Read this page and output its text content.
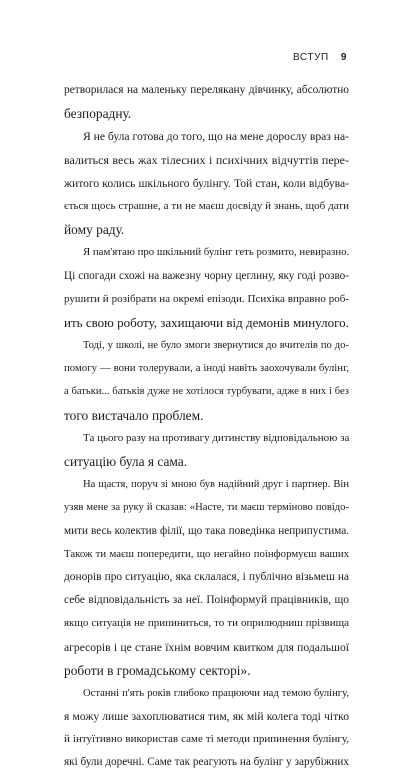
ВСТУП 9
ретворилася на маленьку перелякану дівчинку, абсолютно
безпорадну.
Я не була готова до того, що на мене дорослу враз на-
валиться весь жах тілесних і психічних відчуттів пере-
житого колись шкільного булінгу. Той стан, коли відбува-
ється щось страшне, а ти не маєш досвіду й знань, щоб дати
йому раду.
Я пам'ятаю про шкільний булінг геть розмито, невиразно.
Ці спогади схожі на важезну чорну цеглину, яку годі розво-
рушити й розібрати на окремі епізоди. Психіка вправно роб-
ить свою роботу, захищаючи від демонів минулого.
Тоді, у школі, не було змоги звернутися до вчителів по до-
помогу — вони толерували, а іноді навіть заохочували булінг,
а батьки... батьків дуже не хотілося турбувати, адже в них і без
того вистачало проблем.
Та цього разу на противагу дитинству відповідальною за
ситуацію була я сама.
На щастя, поруч зі мною був надійний друг і партнер. Він
узяв мене за руку й сказав: «Насте, ти маєш терміново повідо-
мити весь колектив філії, що така поведінка неприпустима.
Також ти маєш попередити, що негайно поінформуєш ваших
донорів про ситуацію, яка склалася, і публічно візьмеш на
себе відповідальність за неї. Поінформуй працівників, що
якщо ситуація не припиниться, то ти оприлюдниш прізвища
агресорів і це стане їхнім вовчим квитком для подальшої
роботи в громадському секторі».
Останні п'ять років глибоко працюючи над темою булінгу,
я можу лише захоплюватися тим, як мій колега тоді чітко
й інтуїтивно використав саме ті методи припинення булінгу,
які були доречні. Саме так реагують на булінг у зарубіжних
